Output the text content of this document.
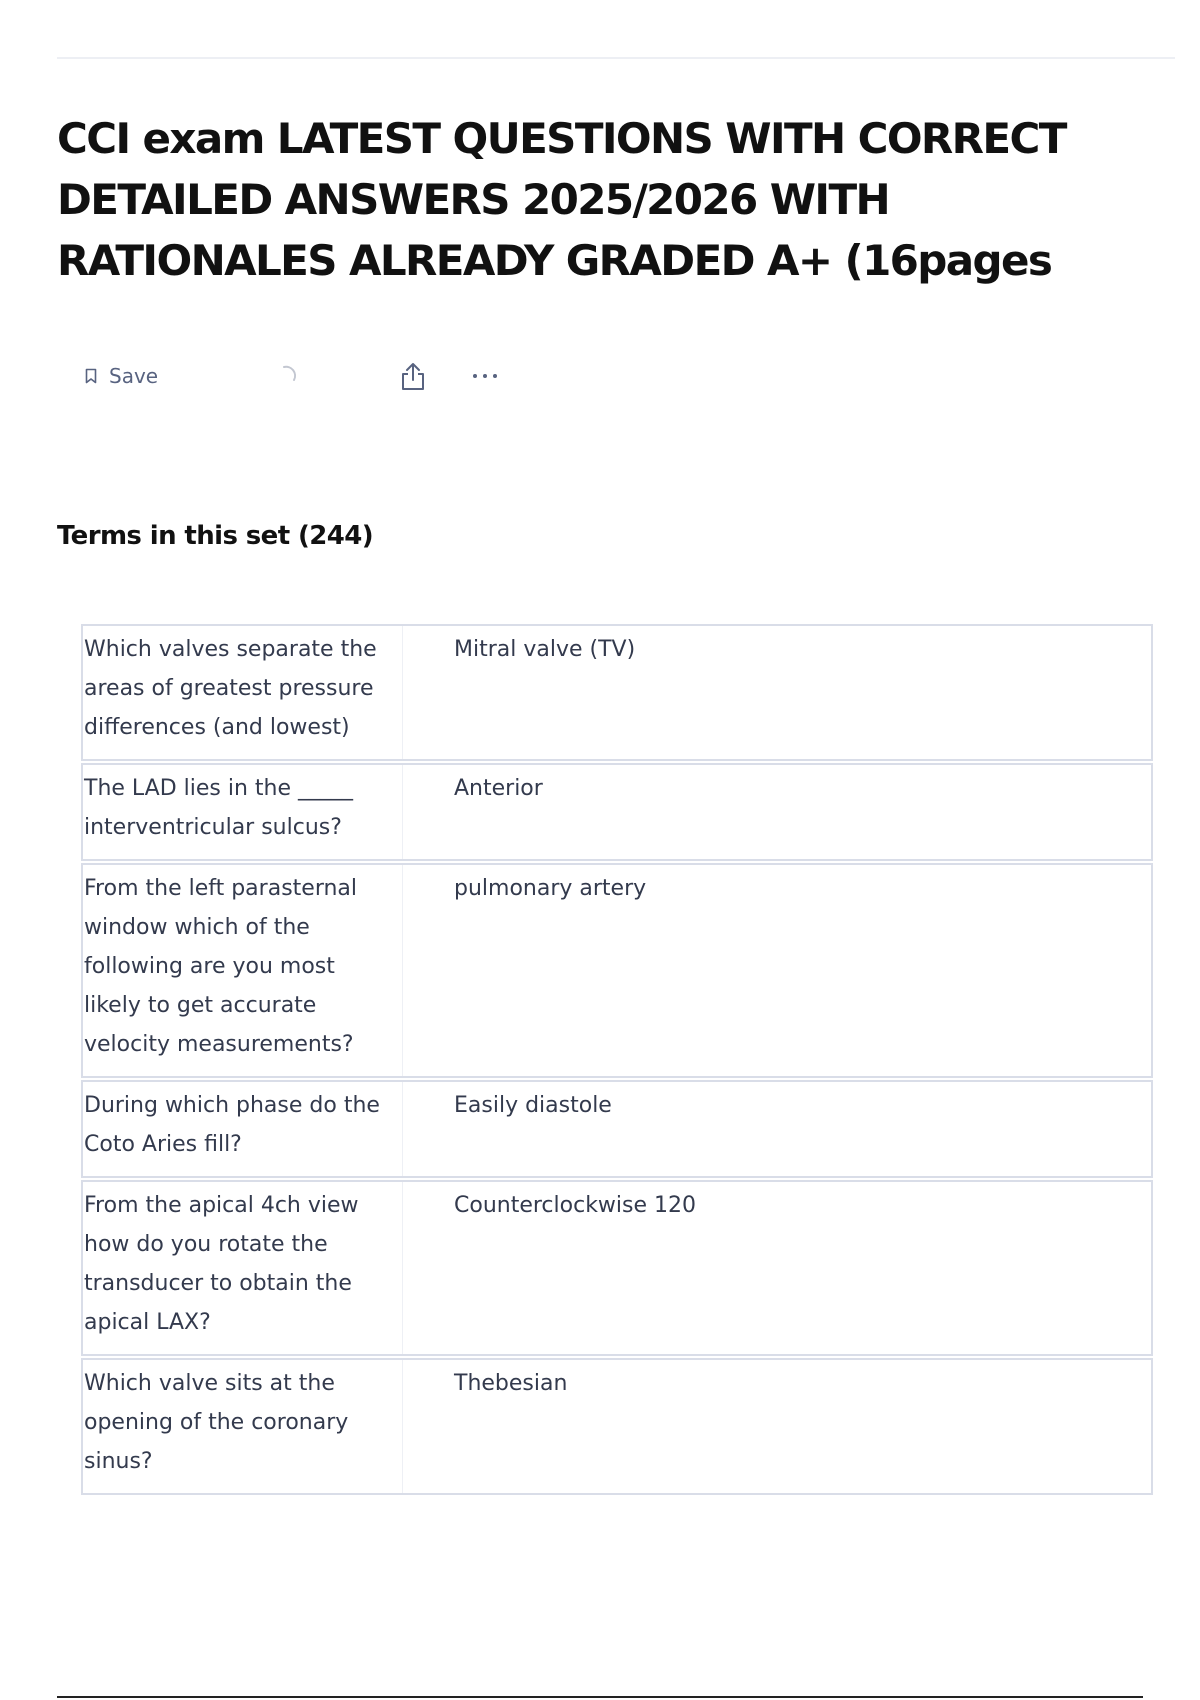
CCI exam LATEST QUESTIONS WITH CORRECT DETAILED ANSWERS 2025/2026 WITH RATIONALES ALREADY GRADED A+ (16pages
Save
Terms in this set (244)
Which valves separate the areas of greatest pressure differences (and lowest)
Mitral valve (TV)
The LAD lies in the _____ interventricular sulcus?
Anterior
From the left parasternal window which of the following are you most likely to get accurate velocity measurements?
pulmonary artery
During which phase do the Coto Aries fill?
Easily diastole
From the apical 4ch view how do you rotate the transducer to obtain the apical LAX?
Counterclockwise 120
Which valve sits at the opening of the coronary sinus?
Thebesian
